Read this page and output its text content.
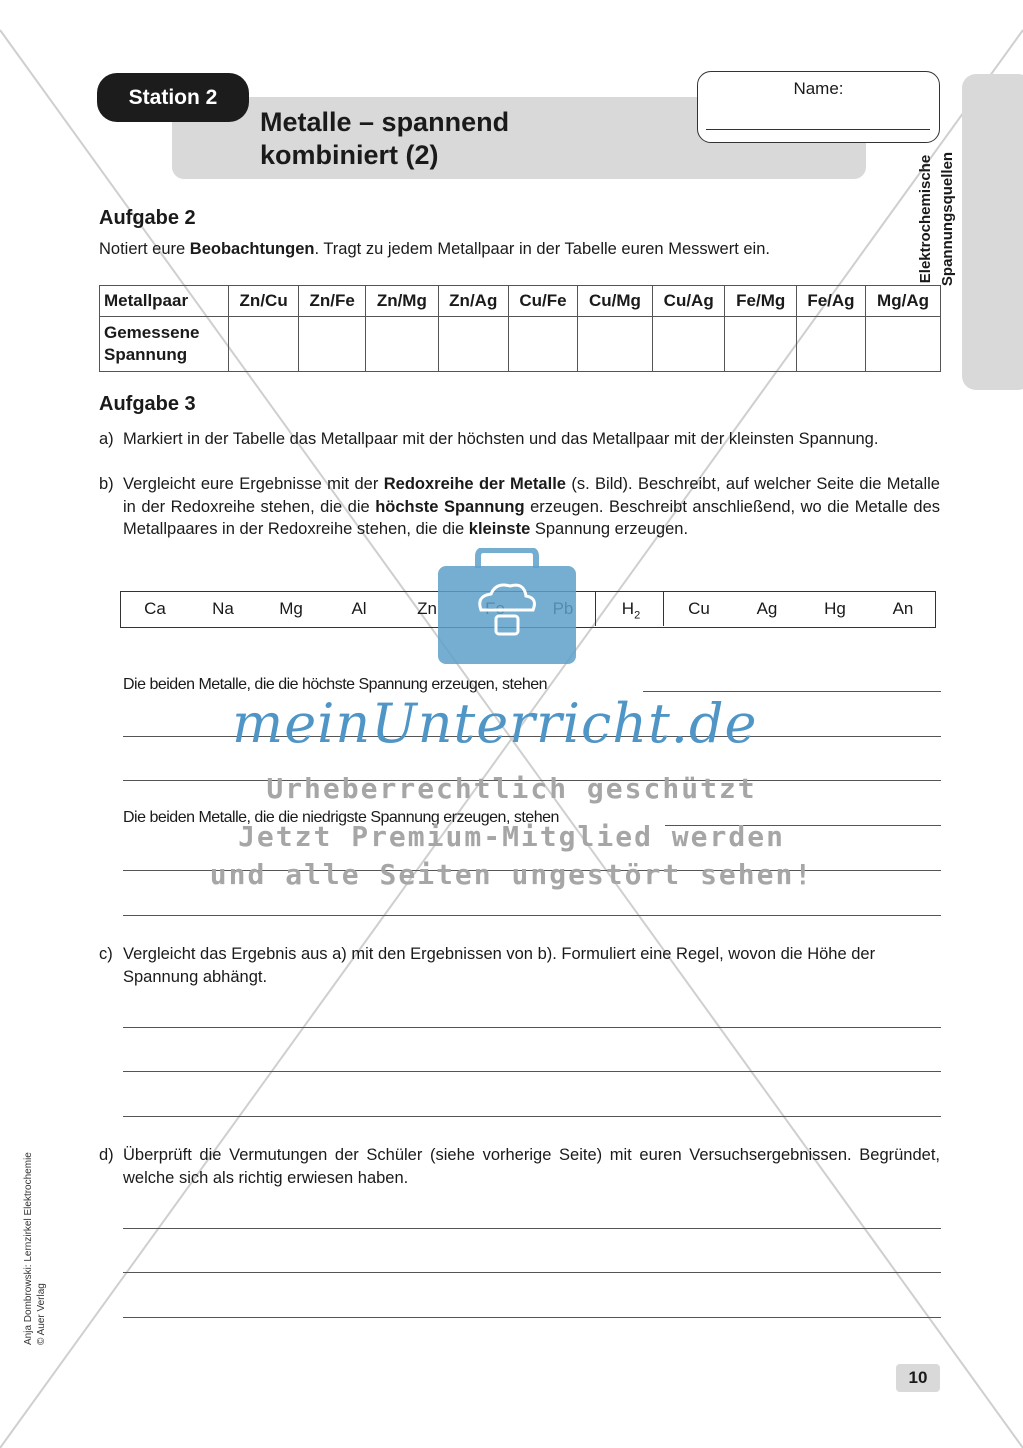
Station 2
Metalle – spannend
kombiniert (2)
Name:
Elektrochemische Spannungsquellen
Aufgabe 2
Notiert eure Beobachtungen. Tragt zu jedem Metallpaar in der Tabelle euren Messwert ein.
Metallpaar	Zn/Cu	Zn/Fe	Zn/Mg	Zn/Ag	Cu/Fe	Cu/Mg	Cu/Ag	Fe/Mg	Fe/Ag	Mg/Ag

Gemessene
Spannung										

Aufgabe 3
a) Markiert in der Tabelle das Metallpaar mit der höchsten und das Metallpaar mit der kleinsten Spannung.
b) Vergleicht eure Ergebnisse mit der Redoxreihe der Metalle (s. Bild). Beschreibt, auf welcher Seite die Metalle in der Redoxreihe stehen, die die höchste Spannung erzeugen. Beschreibt anschließend, wo die Metalle des Metallpaares in der Redoxreihe stehen, die die kleinste Spannung erzeugen.
Ca	Na	Mg	Al	Zn	$H_2$	Cu	Ag	Hg	An
Die beiden Metalle, die die höchste Spannung erzeugen, stehen
Die beiden Metalle, die die niedrigste Spannung erzeugen, stehen
c) Vergleicht das Ergebnis aus a) mit den Ergebnissen von b). Formuliert eine Regel, wovon die Höhe der Spannung abhängt.
d) Überprüft die Vermutungen der Schüler (siehe vorherige Seite) mit euren Versuchsergebnissen. Begründet, welche sich als richtig erwiesen haben.
meinUnterricht.de
Urheberrechtlich geschützt
Jetzt Premium-Mitglied werden
und alle Seiten ungestört sehen!
Anja Dombrowski: Lernzirkel Elektrochemie © Auer Verlag
10
